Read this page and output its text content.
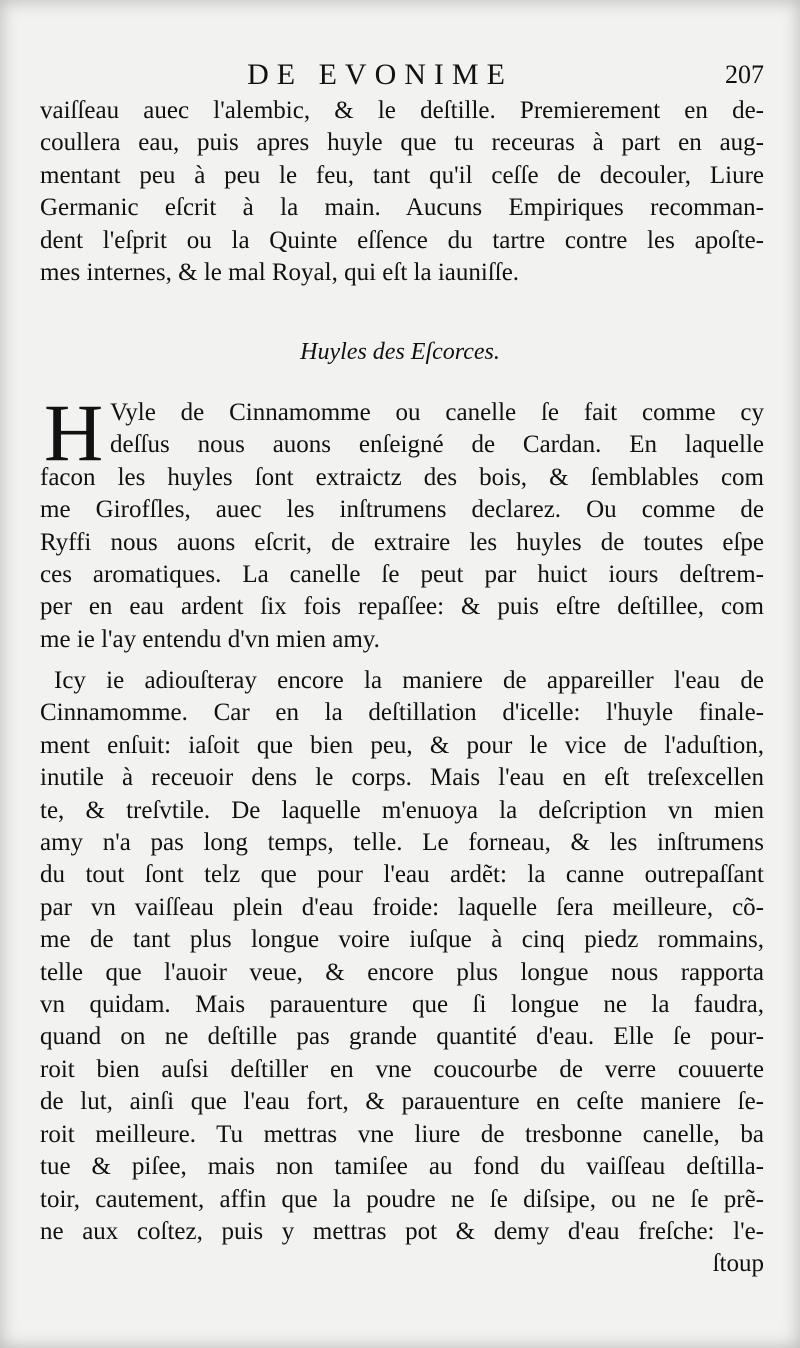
DE EVONIME	207
vaiſſeau auec l'alembic, & le deſtille. Premierement en de-
coullera eau, puis apres huyle que tu receuras à part en aug-
mentant peu à peu le feu, tant qu'il ceſſe de decouler, Liure
Germanic eſcrit à la main. Aucuns Empiriques recomman-
dent l'eſprit ou la Quinte eſſence du tartre contre les apoſte-
mes internes, & le mal Royal, qui eſt la iauniſſe.
Huyles des Eſcorces.
H Vyle de Cinnamomme ou canelle ſe fait comme cy
deſſus nous auons enſeigné de Cardan. En laquelle
facon les huyles ſont extraictz des bois, & ſemblables com
me Girofſles, auec les inſtrumens declarez. Ou comme de
Ryffi nous auons eſcrit, de extraire les huyles de toutes eſpe
ces aromatiques. La canelle ſe peut par huict iours deſtrem-
per en eau ardent ſix fois repaſſee: & puis eſtre deſtillee, com
me ie l'ay entendu d'vn mien amy.
Icy ie adiouſteray encore la maniere de appareiller l'eau de
Cinnamomme. Car en la deſtillation d'icelle: l'huyle finale-
ment enſuit: iaſoit que bien peu, & pour le vice de l'aduſtion,
inutile à receuoir dens le corps. Mais l'eau en eſt treſexcellen
te, & treſvtile. De laquelle m'enuoya la deſcription vn mien
amy n'a pas long temps, telle. Le forneau, & les inſtrumens
du tout ſont telz que pour l'eau ardẽt: la canne outrepaſſant
par vn vaiſſeau plein d'eau froide: laquelle ſera meilleure, cõ-
me de tant plus longue voire iuſque à cinq piedz rommains,
telle que l'auoir veue, & encore plus longue nous rapporta
vn quidam. Mais parauenture que ſi longue ne la faudra,
quand on ne deſtille pas grande quantité d'eau. Elle ſe pour-
roit bien auſsi deſtiller en vne coucourbe de verre couuerte
de lut, ainſi que l'eau fort, & parauenture en ceſte maniere ſe-
roit meilleure. Tu mettras vne liure de tresbonne canelle, ba
tue & piſee, mais non tamiſee au fond du vaiſſeau deſtilla-
toir, cautement, affin que la poudre ne ſe diſsipe, ou ne ſe prẽ-
ne aux coſtez, puis y mettras pot & demy d'eau freſche: l'e-
ſtoup
